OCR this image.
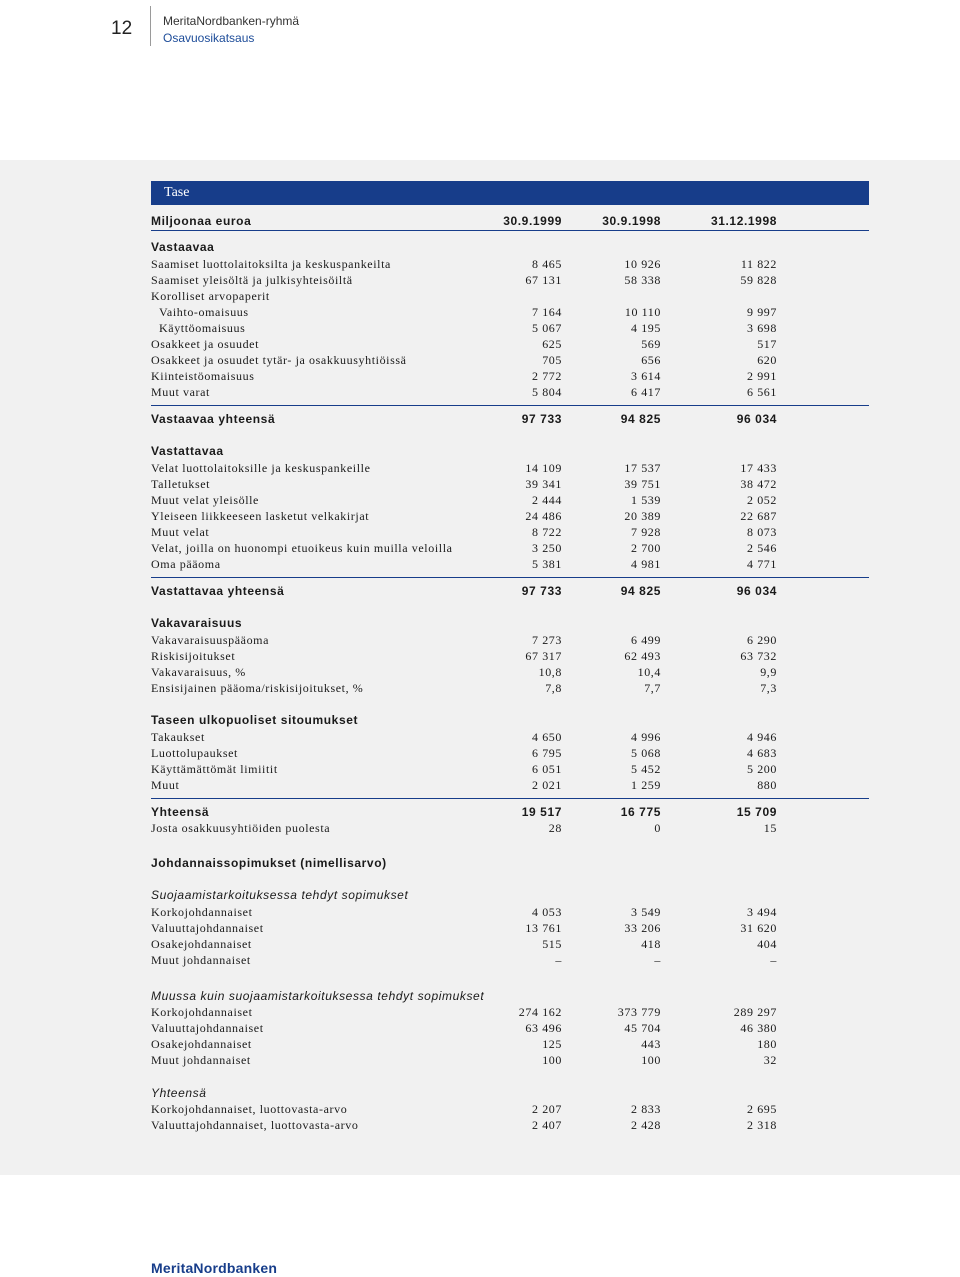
12	MeritaNordbanken-ryhmä
Osavuosikatsaus
Tase
Miljoonaa euroa	30.9.1999	30.9.1998	31.12.1998
Vastaavaa
Saamiset luottolaitoksilta ja keskuspankeilta	8 465	10 926	11 822
Saamiset yleisöltä ja julkisyhteisöiltä	67 131	58 338	59 828
Korolliset arvopaperit
Vaihto-omaisuus	7 164	10 110	9 997
Käyttöomaisuus	5 067	4 195	3 698
Osakkeet ja osuudet	625	569	517
Osakkeet ja osuudet tytär- ja osakkuusyhtiöissä	705	656	620
Kiinteistöomaisuus	2 772	3 614	2 991
Muut varat	5 804	6 417	6 561
Vastaavaa yhteensä	97 733	94 825	96 034
Vastattavaa
Velat luottolaitoksille ja keskuspankeille	14 109	17 537	17 433
Talletukset	39 341	39 751	38 472
Muut velat yleisölle	2 444	1 539	2 052
Yleiseen liikkeeseen lasketut velkakirjat	24 486	20 389	22 687
Muut velat	8 722	7 928	8 073
Velat, joilla on huonompi etuoikeus kuin muilla veloilla	3 250	2 700	2 546
Oma pääoma	5 381	4 981	4 771
Vastattavaa yhteensä	97 733	94 825	96 034
Vakavaraisuus
Vakavaraisuuspääoma	7 273	6 499	6 290
Riskisijoitukset	67 317	62 493	63 732
Vakavaraisuus, %	10,8	10,4	9,9
Ensisijainen pääoma/riskisijoitukset, %	7,8	7,7	7,3
Taseen ulkopuoliset sitoumukset
Takaukset	4 650	4 996	4 946
Luottolupaukset	6 795	5 068	4 683
Käyttämättömät limiitit	6 051	5 452	5 200
Muut	2 021	1 259	880
Yhteensä	19 517	16 775	15 709
Josta osakkuusyhtiöiden puolesta	28	0	15
Johdannaissopimukset (nimellisarvo)
Suojaamistarkoituksessa tehdyt sopimukset
Korkojohdannaiset	4 053	3 549	3 494
Valuuttajohdannaiset	13 761	33 206	31 620
Osakejohdannaiset	515	418	404
Muut johdannaiset	–	–	–
Muussa kuin suojaamistarkoituksessa tehdyt sopimukset
Korkojohdannaiset	274 162	373 779	289 297
Valuuttajohdannaiset	63 496	45 704	46 380
Osakejohdannaiset	125	443	180
Muut johdannaiset	100	100	32
Yhteensä
Korkojohdannaiset, luottovasta-arvo	2 207	2 833	2 695
Valuuttajohdannaiset, luottovasta-arvo	2 407	2 428	2 318
MeritaNordbanken
